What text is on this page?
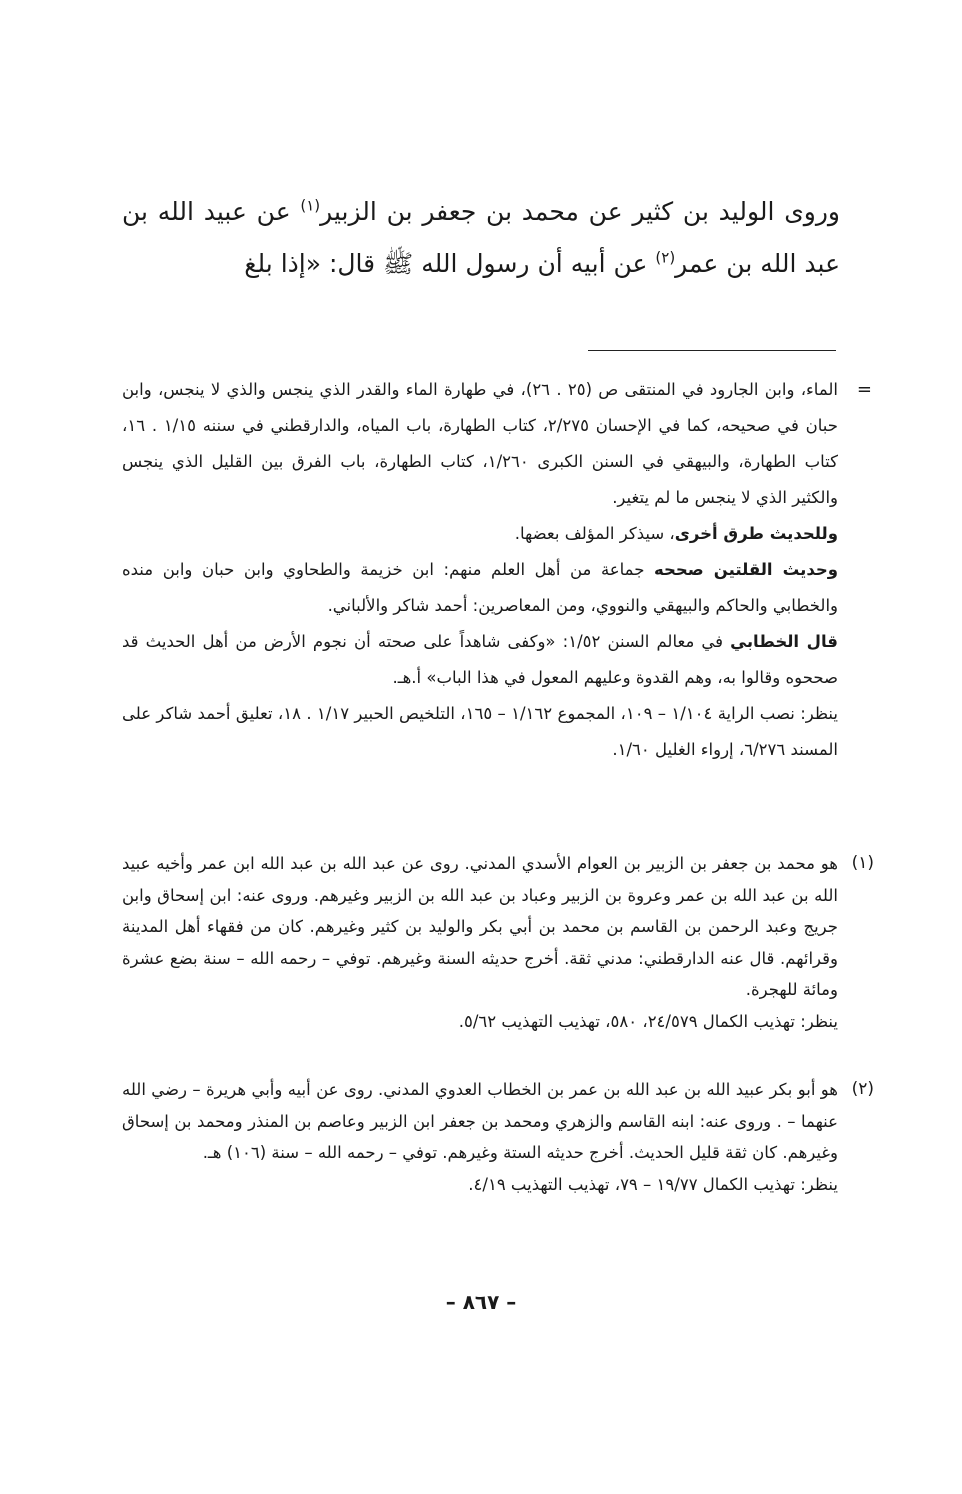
وروى الوليد بن كثير عن محمد بن جعفر بن الزبير$^{(١)}$ عن عبيد الله بن عبد الله بن عمر$^{(٢)}$ عن أبيه أن رسول الله ﷺ قال: «إذا بلغ

=

الماء، وابن الجارود في المنتقى ص (٢٥ . ٢٦)، في طهارة الماء والقدر الذي ينجس والذي لا ينجس، وابن حبان في صحيحه، كما في الإحسان ٢/٢٧٥، كتاب الطهارة، باب المياه، والدارقطني في سننه ١/١٥ . ١٦، كتاب الطهارة، والبيهقي في السنن الكبرى ١/٢٦٠، كتاب الطهارة، باب الفرق بين القليل الذي ينجس والكثير الذي لا ينجس ما لم يتغير.

وللحديث طرق أخرى، سيذكر المؤلف بعضها.

وحديث القلتين صححه جماعة من أهل العلم منهم: ابن خزيمة والطحاوي وابن حبان وابن منده والخطابي والحاكم والبيهقي والنووي، ومن المعاصرين: أحمد شاكر والألباني.

قال الخطابي في معالم السنن ١/٥٢: «وكفى شاهداً على صحته أن نجوم الأرض من أهل الحديث قد صححوه وقالوا به، وهم القدوة وعليهم المعول في هذا الباب» أ.هـ.

ينظر: نصب الراية ١/١٠٤ – ١٠٩، المجموع ١/١٦٢ – ١٦٥، التلخيص الحبير ١/١٧ . ١٨، تعليق أحمد شاكر على المسند ٦/٢٧٦، إرواء الغليل ١/٦٠.

(١)

هو محمد بن جعفر بن الزبير بن العوام الأسدي المدني. روى عن عبد الله بن عبد الله ابن عمر وأخيه عبيد الله بن عبد الله بن عمر وعروة بن الزبير وعباد بن عبد الله بن الزبير وغيرهم. وروى عنه: ابن إسحاق وابن جريج وعبد الرحمن بن القاسم بن محمد بن أبي بكر والوليد بن كثير وغيرهم. كان من فقهاء أهل المدينة وقرائهم. قال عنه الدارقطني: مدني ثقة. أخرج حديثه السنة وغيرهم. توفي – رحمه الله – سنة بضع عشرة ومائة للهجرة.

ينظر: تهذيب الكمال ٢٤/٥٧٩، ٥٨٠، تهذيب التهذيب ٥/٦٢.

(٢)

هو أبو بكر عبيد الله بن عبد الله بن عمر بن الخطاب العدوي المدني. روى عن أبيه وأبي هريرة – رضي الله عنهما – . وروى عنه: ابنه القاسم والزهري ومحمد بن جعفر ابن الزبير وعاصم بن المنذر ومحمد بن إسحاق وغيرهم. كان ثقة قليل الحديث. أخرج حديثه الستة وغيرهم. توفي – رحمه الله – سنة (١٠٦) هـ.

ينظر: تهذيب الكمال ١٩/٧٧ – ٧٩، تهذيب التهذيب ٤/١٩.

– ٨٦٧ –
